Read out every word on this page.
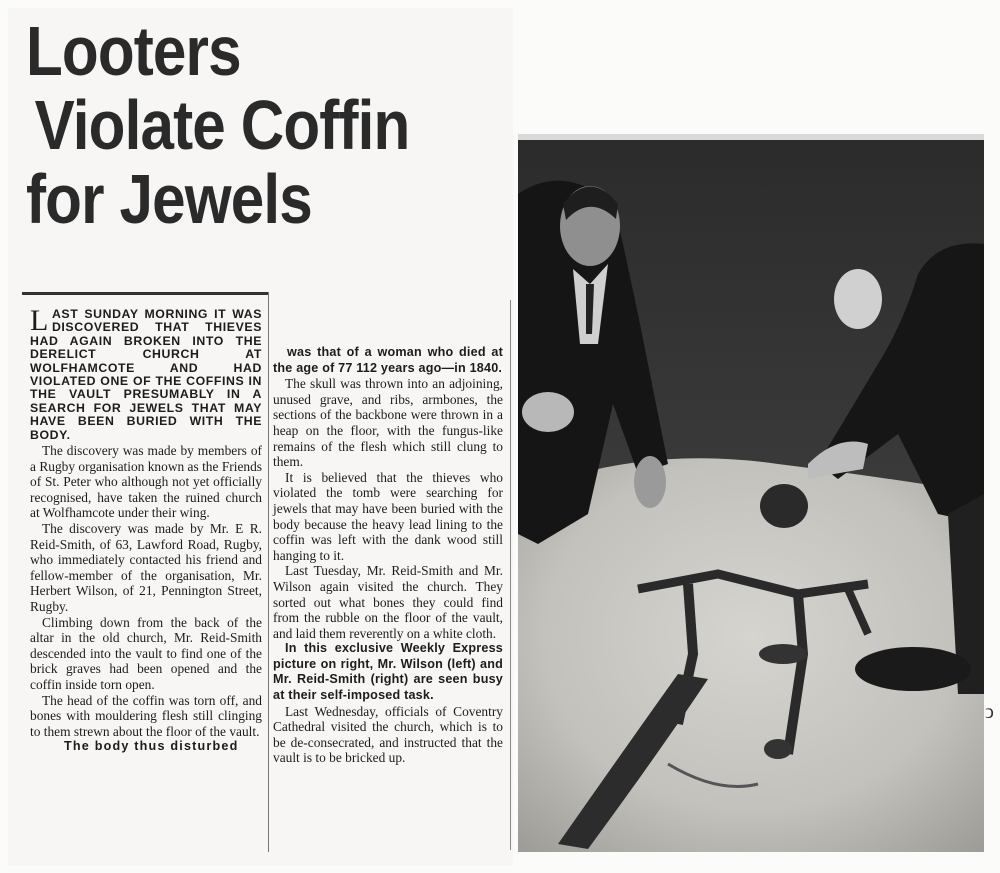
Looters
Violate Coffin
for Jewels
LAST SUNDAY MORNING IT WAS DISCOVERED THAT THIEVES HAD AGAIN BROKEN INTO THE DERELICT CHURCH AT WOLFHAMCOTE AND HAD VIOLATED ONE OF THE COFFINS IN THE VAULT PRESUMABLY IN A SEARCH FOR JEWELS THAT MAY HAVE BEEN BURIED WITH THE BODY.

The discovery was made by members of a Rugby organisation known as the Friends of St. Peter who although not yet officially recognised, have taken the ruined church at Wolfhamcote under their wing.

The discovery was made by Mr. E R. Reid-Smith, of 63, Lawford Road, Rugby, who immediately contacted his friend and fellow-member of the organisation, Mr. Herbert Wilson, of 21, Pennington Street, Rugby.

Climbing down from the back of the altar in the old church, Mr. Reid-Smith descended into the vault to find one of the brick graves had been opened and the coffin inside torn open.

The head of the coffin was torn off, and bones with mouldering flesh still clinging to them strewn about the floor of the vault.

The body thus disturbed

was that of a woman who died at the age of 77 112 years ago—in 1840.

The skull was thrown into an adjoining, unused grave, and ribs, armbones, the sections of the backbone were thrown in a heap on the floor, with the fungus-like remains of the flesh which still clung to them.

It is believed that the thieves who violated the tomb were searching for jewels that may have been buried with the body because the heavy lead lining to the coffin was left with the dank wood still hanging to it.

Last Tuesday, Mr. Reid-Smith and Mr. Wilson again visited the church. They sorted out what bones they could find from the rubble on the floor of the vault, and laid them reverently on a white cloth.

In this exclusive Weekly Express picture on right, Mr. Wilson (left) and Mr. Reid-Smith (right) are seen busy at their self-imposed task.

Last Wednesday, officials of Coventry Cathedral visited the church, which is to be de-consecrated, and instructed that the vault is to be bricked up.

ↄ
